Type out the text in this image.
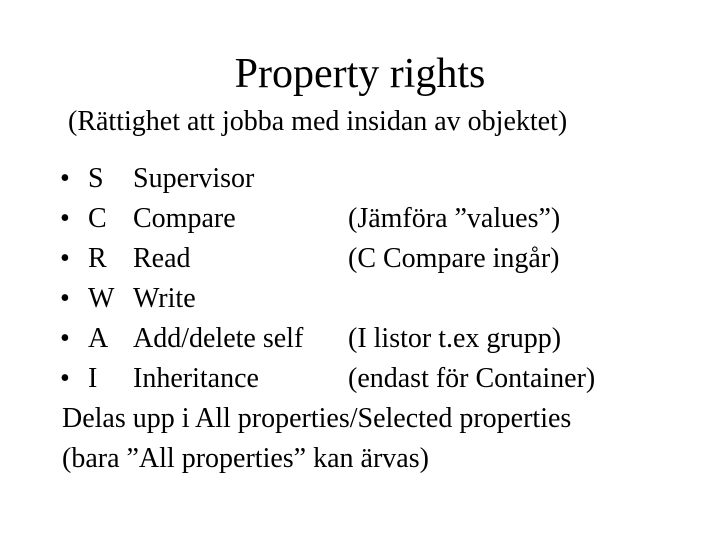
Property rights
(Rättighet att jobba med insidan av objektet)
• S Supervisor
• C Compare	(Jämföra ”values”)
• R Read	(C Compare ingår)
• W Write
• A Add/delete self (I listor t.ex grupp)
• I Inheritance	(endast för Container)
Delas upp i All properties/Selected properties
(bara ”All properties” kan ärvas)
